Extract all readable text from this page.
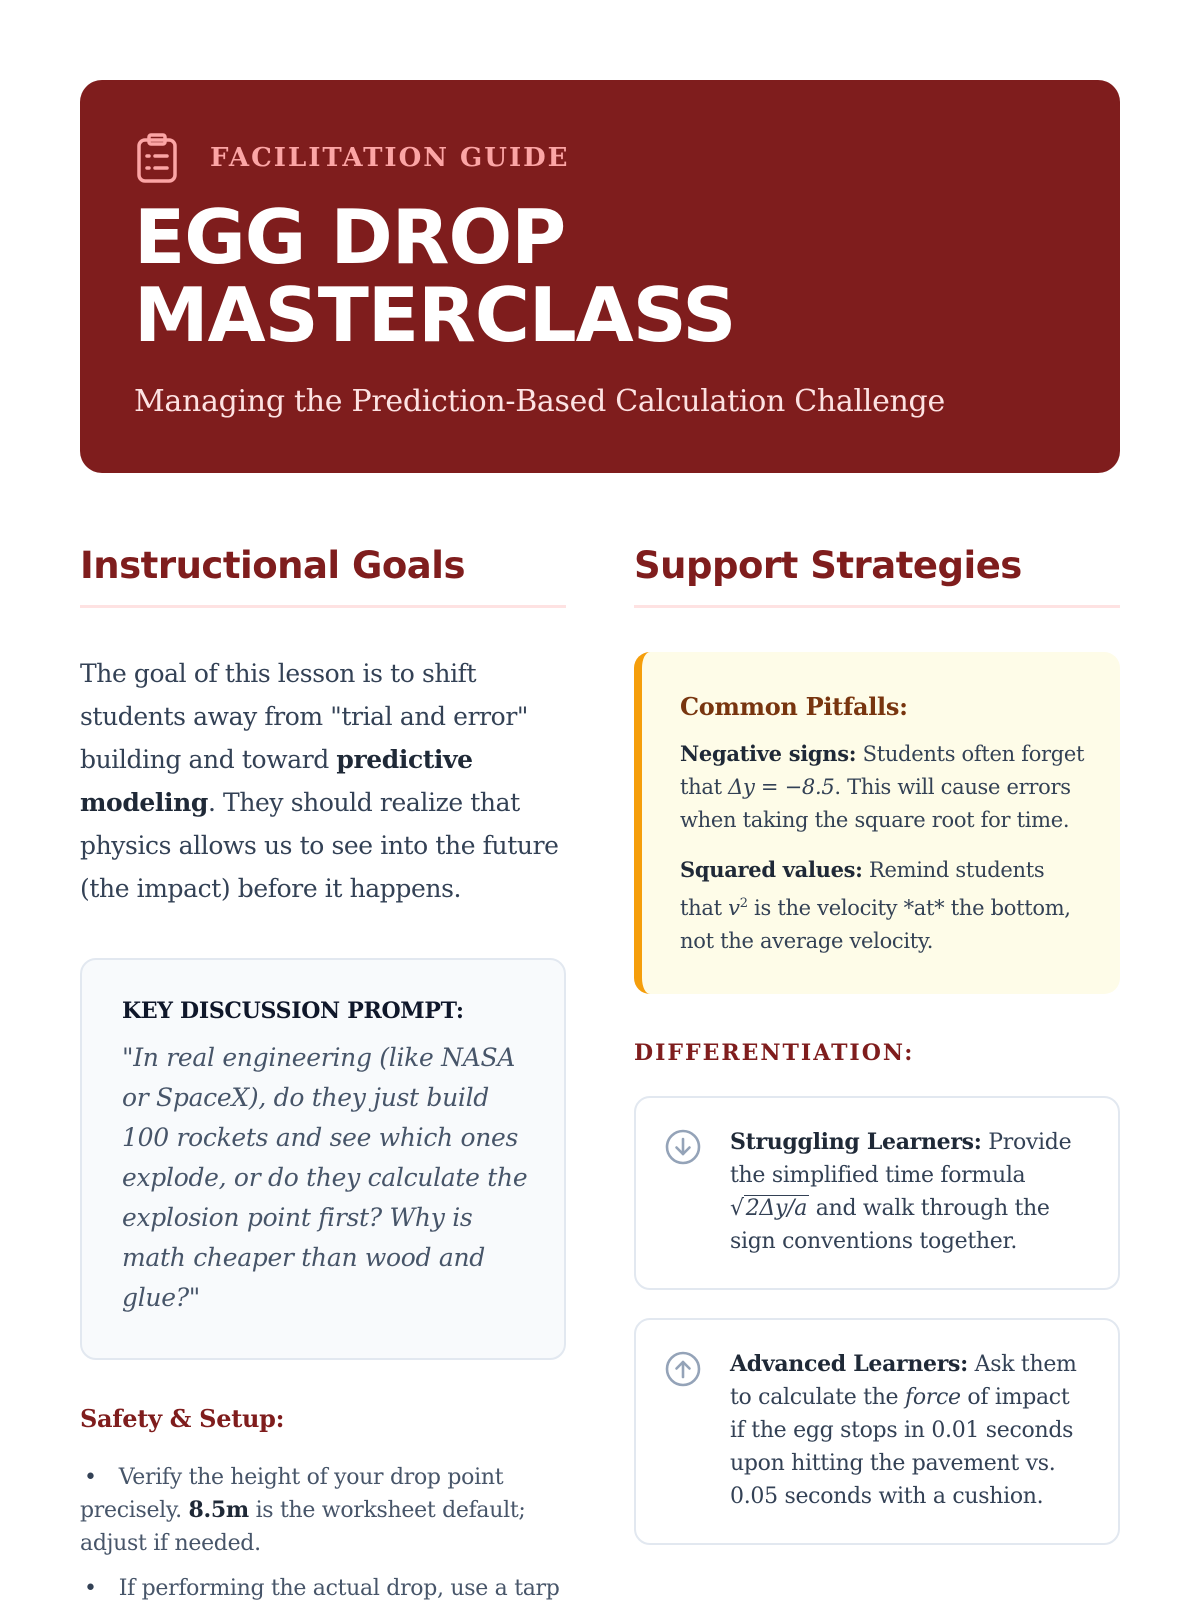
FACILITATION GUIDE
EGG DROP
MASTERCLASS
Managing the Prediction-Based Calculation Challenge
Instructional Goals

The goal of this lesson is to shift students away from "trial and error" building and toward predictive modeling. They should realize that physics allows us to see into the future (the impact) before it happens.

KEY DISCUSSION PROMPT:
"In real engineering (like NASA or SpaceX), do they just build 100 rockets and see which ones explode, or do they calculate the explosion point first? Why is math cheaper than wood and glue?"
Safety & Setup:
• Verify the height of your drop point precisely. 8.5m is the worksheet default; adjust if needed.
• If performing the actual drop, use a tarp
Support Strategies
Common Pitfalls:

Negative signs: Students often forget that Δy = −8.5. This will cause errors when taking the square root for time.

Squared values: Remind students that $v^2$ is the velocity *at* the bottom, not the average velocity.

DIFFERENTIATION:

Struggling Learners: Provide the simplified time formula √2Δy/a and walk through the sign conventions together.

Advanced Learners: Ask them to calculate the force of impact if the egg stops in 0.01 seconds upon hitting the pavement vs. 0.05 seconds with a cushion.
